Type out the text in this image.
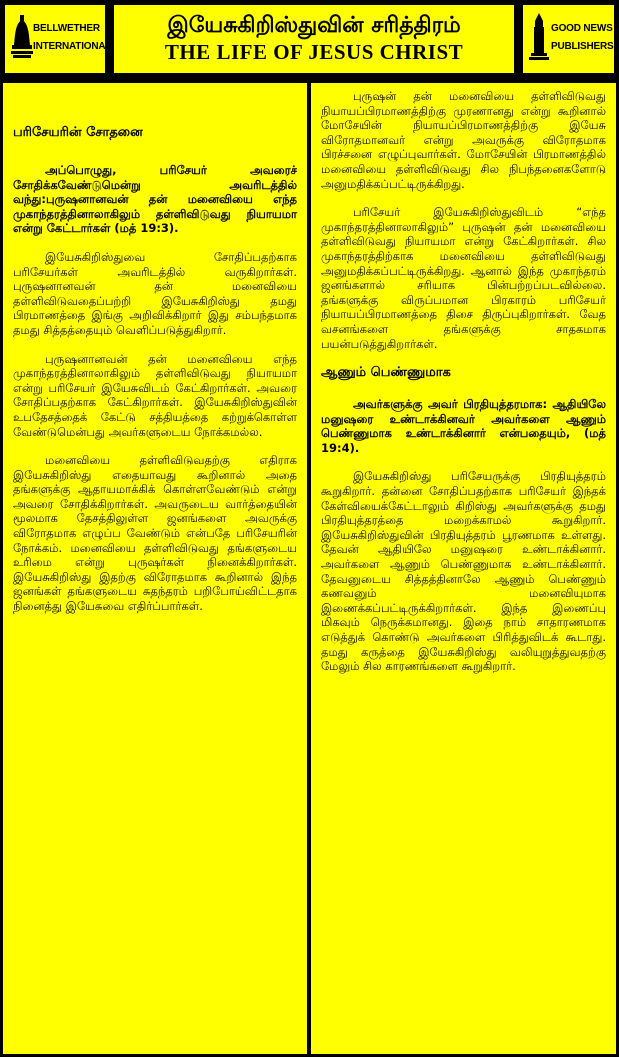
BELLWETHER
INTERNATIONAL
இயேசுகிறிஸ்துவின் சரித்திரம்
THE LIFE OF JESUS CHRIST
GOOD NEWS
PUBLISHERS
பரிசேயரின் சோதனை

அப்பொழுது, பரிசேயர் அவரைச் சோதிக்கவேண்டுமென்று அவரிடத்தில் வந்து:புருஷனானவன் தன் மனைவியை எந்த முகாந்தரத்தினாலாகிலும் தள்ளிவிடுவது நியாயமா என்று கேட்டார்கள் (மத் 19:3).

இயேசுகிறிஸ்துவை சோதிப்பதற்காக பரிசேயர்கள் அவரிடத்தில் வருகிறார்கள். புருஷனானவன் தன் மனைவியை தள்ளிவிடுவதைப்பற்றி இயேசுகிறிஸ்து தமது பிரமாணத்தை இங்கு அறிவிக்கிறார் இது சம்பந்தமாக தமது சித்தத்தையும் வெளிப்படுத்துகிறார்.

புருஷனானவன் தன் மனைவியை எந்த முகாந்தரத்தினாலாகிலும் தள்ளிவிடுவது நியாயமா என்று பரிசேயர் இயேசுவிடம் கேட்கிறார்கள். அவரை சோதிப்பதற்காக கேட்கிறார்கள். இயேசுகிறிஸ்துவின் உபதேசத்தைக் கேட்டு சத்தியத்தை கற்றுக்கொள்ள வேண்டுமென்பது அவர்களுடைய நோக்கமல்ல.

மனைவியை தள்ளிவிடுவதற்கு எதிராக இயேசுகிறிஸ்து எதையாவது கூறினால் அதை தங்களுக்கு ஆதாயமாக்கிக் கொள்ளவேண்டும் என்று அவரை சோதிக்கிறார்கள். அவருடைய வார்த்தையின் மூலமாக தேசத்திலுள்ள ஜனங்களை அவருக்கு விரோதமாக எழுப்ப வேண்டும் என்பதே பரிசேயரின் நோக்கம். மனைவியை தள்ளிவிடுவது தங்களுடைய உரிமை என்று புருஷர்கள் நினைக்கிறார்கள். இயேசுகிறிஸ்து இதற்கு விரோதமாக கூறினால் இந்த ஜனங்கள் தங்களுடைய சுதந்தரம் பறிபோய்விட்டதாக நினைத்து இயேசுவை எதிர்ப்பார்கள்.

புருஷன் தன் மனைவியை தள்ளிவிடுவது நியாயப்பிரமாணத்திற்கு முரணானது என்று கூறினால் மோசேயின் நியாயப்பிரமாணத்திற்கு இயேசு விரோதமானவர் என்று அவருக்கு விரோதமாக பிரச்சனை எழுப்புவார்கள். மோசேயின் பிரமாணத்தில் மனைவியை தள்ளிவிடுவது சில நிபந்தனைகளோடு அனுமதிக்கப்பட்டிருக்கிறது.

பரிசேயர் இயேசுகிறிஸ்துவிடம் “எந்த முகாந்தரத்தினாலாகிலும்” புருஷன் தன் மனைவியை தள்ளிவிடுவது நியாயமா என்று கேட்கிறார்கள். சில முகாந்தரத்திற்காக மனைவியை தள்ளிவிடுவது அனுமதிக்கப்பட்டிருக்கிறது. ஆனால் இந்த முகாந்தரம் ஜனங்களால் சரியாக பின்பற்றப்படவில்லை. தங்களுக்கு விருப்பமான பிரகாரம் பரிசேயர் நியாயப்பிரமாணத்தை திசை திருப்புகிறார்கள். வேத வசனங்களை தங்களுக்கு சாதகமாக பயன்படுத்துகிறார்கள்.

ஆணும் பெண்ணுமாக

அவர்களுக்கு அவர் பிரதியுத்தரமாக: ஆதியிலே மனுஷரை உண்டாக்கினவர் அவர்களை ஆணும் பெண்ணுமாக உண்டாக்கினார் என்பதையும், (மத் 19:4).

இயேசுகிறிஸ்து பரிசேயருக்கு பிரதியுத்தரம் கூறுகிறார். தன்னை சோதிப்பதற்காக பரிசேயர் இந்தக் கேள்வியைக்கேட்டாலும் கிறிஸ்து அவர்களுக்கு தமது பிரதியுத்தரத்தை மறைக்காமல் கூறுகிறார். இயேசுகிறிஸ்துவின் பிரதியுத்தரம் பூரணமாக உள்ளது. தேவன் ஆதியிலே மனுஷரை உண்டாக்கினார். அவர்களை ஆணும் பெண்ணுமாக உண்டாக்கினார். தேவனுடைய சித்தத்தினாலே ஆணும் பெண்ணும் கணவனும் மனைவியுமாக இணைக்கப்பட்டிருக்கிறார்கள். இந்த இணைப்பு மிகவும் நெருக்கமானது. இதை நாம் சாதாரணமாக எடுத்துக் கொண்டு அவர்களை பிரித்துவிடக் கூடாது. தமது கருத்தை இயேசுகிறிஸ்து வலியுறுத்துவதற்கு மேலும் சில காரணங்களை கூறுகிறார்.
